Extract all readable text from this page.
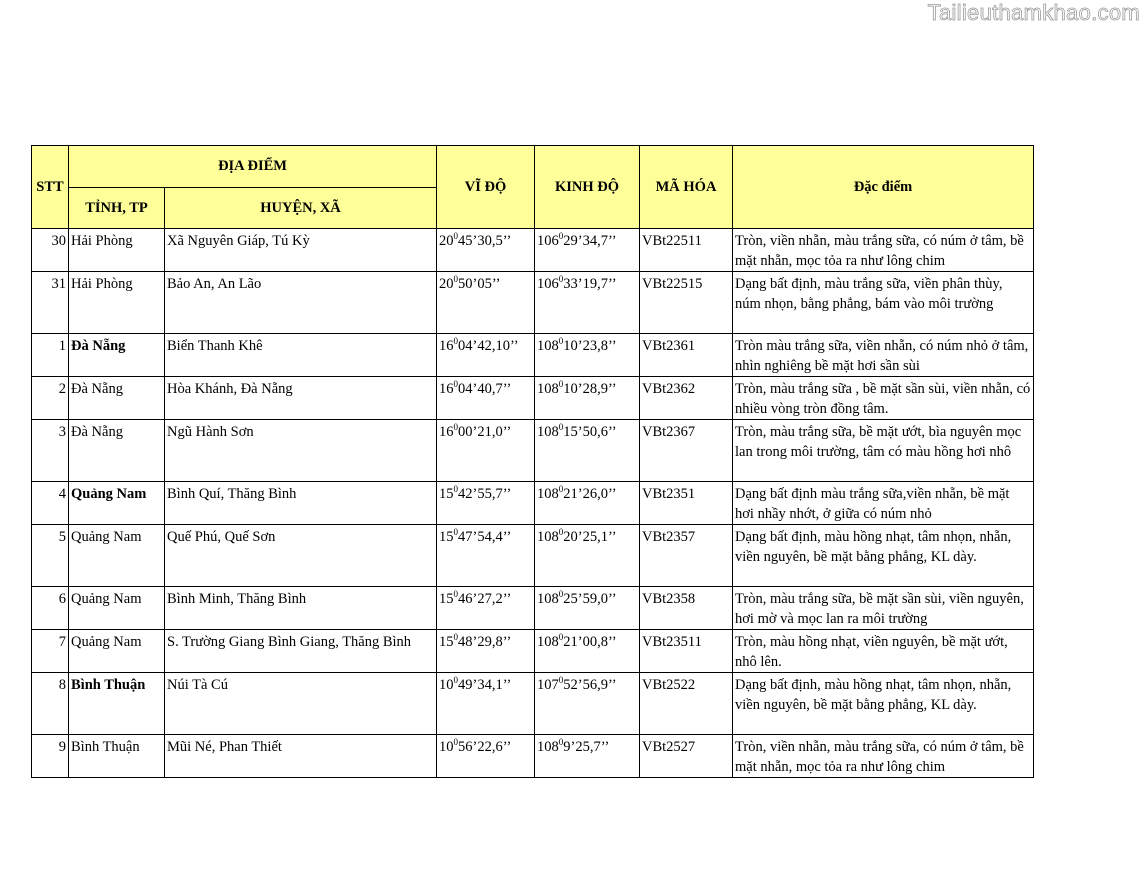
Tailieuthamkhao.com
STT	ĐỊA ĐIỂM		VĨ ĐỘ	KINH ĐỘ	MÃ HÓA	Đặc điểm
	TỈNH, TP	HUYỆN, XÃ				
30	Hải Phòng	Xã Nguyên Giáp, Tú Kỳ	$20^045’30,5$’’	$106^029’34,7$’’	VBt22511	Tròn, viền nhẵn, màu trắng sữa, có núm ở tâm, bề mặt nhẵn, mọc tỏa ra như lông chim
31	Hải Phòng	Bảo An, An Lão	$20^050’05$’’	$106^033’19,7$’’	VBt22515	Dạng bất định, màu trắng sữa, viền phân thùy, núm nhọn, bằng phẳng, bám vào môi trường
1	Đà Nẵng	Biển Thanh Khê	$16^004’42,10$’’	$108^010’23,8$’’	VBt2361	Tròn màu trắng sữa, viền nhẵn, có núm nhỏ ở tâm, nhìn nghiêng bề mặt hơi sần sùi
2	Đà Nẵng	Hòa Khánh, Đà Nẵng	$16^004’40,7$’’	$108^010’28,9$’’	VBt2362	Tròn, màu trắng sữa , bề mặt sần sùi, viền nhẵn, có nhiều vòng tròn đồng tâm.
3	Đà Nẵng	Ngũ Hành Sơn	$16^000’21,0$’’	$108^015’50,6$’’	VBt2367	Tròn, màu trắng sữa, bề mặt ướt, bìa nguyên mọc lan trong môi trường, tâm có màu hồng hơi nhô
4	Quảng Nam	Bình Quí, Thăng Bình	$15^042’55,7$’’	$108^021’26,0$’’	VBt2351	Dạng bất định màu trắng sữa,viền nhẵn, bề mặt hơi nhầy nhớt, ở giữa có núm nhỏ
5	Quảng Nam	Quế Phú, Quế Sơn	$15^047’54,4$’’	$108^020’25,1$’’	VBt2357	Dạng bất định, màu hồng nhạt, tâm nhọn, nhẵn, viền nguyên, bề mặt bằng phẳng, KL dày.
6	Quảng Nam	Bình Minh, Thăng Bình	$15^046’27,2$’’	$108^025’59,0$’’	VBt2358	Tròn, màu trắng sữa, bề mặt sần sùi, viền nguyên, hơi mờ và mọc lan ra môi trường
7	Quảng Nam	S. Trường Giang Bình Giang, Thăng Bình	$15^048’29,8$’’	$108^021’00,8$’’	VBt23511	Tròn, màu hồng nhạt, viền nguyên, bề mặt ướt, nhô lên.
8	Bình Thuận	Núi Tà Cú	$10^049’34,1$’’	$107^052’56,9$’’	VBt2522	Dạng bất định, màu hồng nhạt, tâm nhọn, nhẵn, viền nguyên, bề mặt bằng phẳng, KL dày.
9	Bình Thuận	Mũi Né, Phan Thiết	$10^056’22,6$’’	$108^09’25,7$’’	VBt2527	Tròn, viền nhẵn, màu trắng sữa, có núm ở tâm, bề mặt nhẵn, mọc tỏa ra như lông chim
